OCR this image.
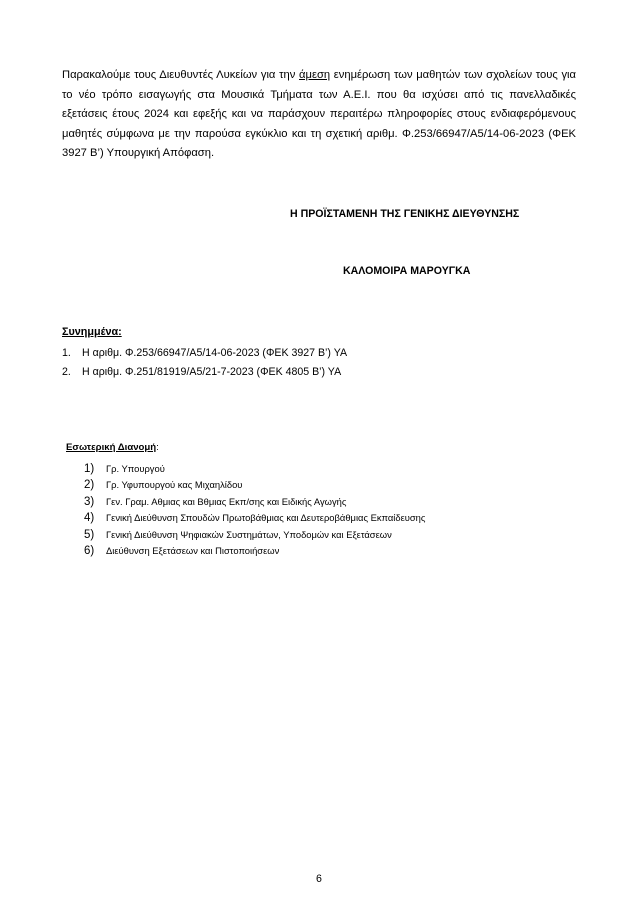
Παρακαλούμε τους Διευθυντές Λυκείων για την άμεση ενημέρωση των μαθητών των σχολείων τους για το νέο τρόπο εισαγωγής στα Μουσικά Τμήματα των Α.Ε.Ι. που θα ισχύσει από τις πανελλαδικές εξετάσεις έτους 2024 και εφεξής και να παράσχουν περαιτέρω πληροφορίες στους ενδιαφερόμενους μαθητές σύμφωνα με την παρούσα εγκύκλιο και τη σχετική αριθμ. Φ.253/66947/Α5/14-06-2023 (ΦΕΚ 3927 Β’) Υπουργική Απόφαση.

Η ΠΡΟΪΣΤΑΜΕΝΗ ΤΗΣ ΓΕΝΙΚΗΣ ΔΙΕΥΘΥΝΣΗΣ
ΚΑΛΟΜΟΙΡΑ ΜΑΡΟΥΓΚΑ
Συνημμένα:
1.	Η αριθμ. Φ.253/66947/Α5/14-06-2023 (ΦΕΚ 3927 Β’) ΥΑ
2.	Η αριθμ. Φ.251/81919/Α5/21-7-2023 (ΦΕΚ 4805 Β’) ΥΑ
Εσωτερική Διανομή:
1)	Γρ. Υπουργού
2)	Γρ. Υφυπουργού κας Μιχαηλίδου
3)	Γεν. Γραμ. Αθμιας και Βθμιας Εκπ/σης και Ειδικής Αγωγής
4)	Γενική Διεύθυνση Σπουδών Πρωτοβάθμιας και Δευτεροβάθμιας Εκπαίδευσης
5)	Γενική Διεύθυνση Ψηφιακών Συστημάτων, Υποδομών και Εξετάσεων
6)	Διεύθυνση Εξετάσεων και Πιστοποιήσεων
6
